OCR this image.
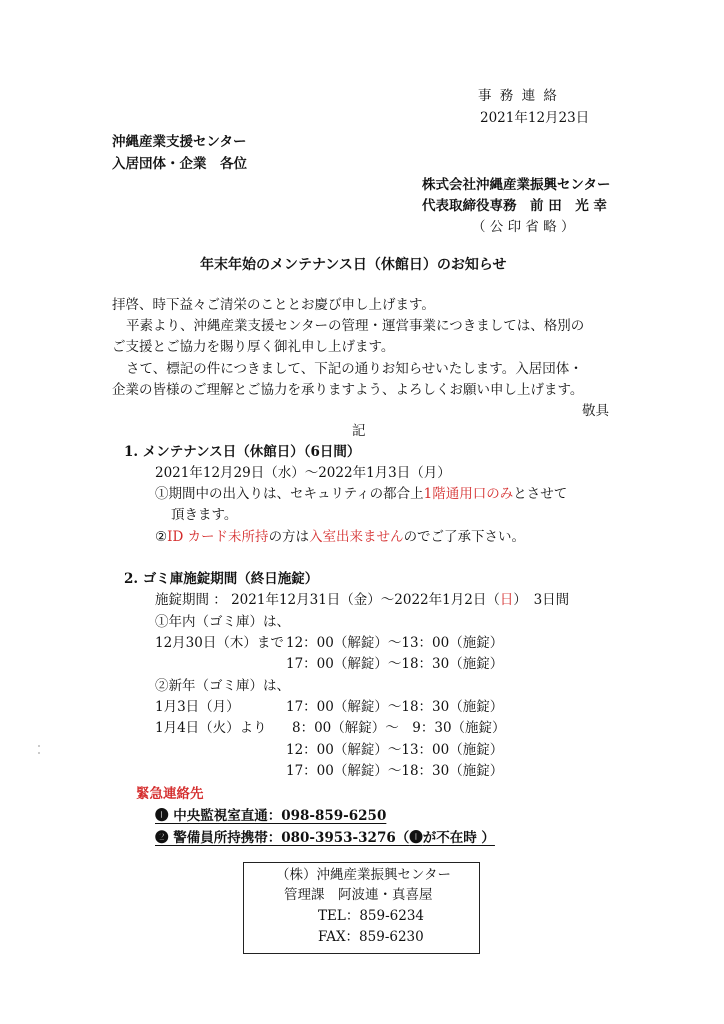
事 務 連 絡
2021年12月23日
沖縄産業支援センター
入居団体・企業　各位
株式会社沖縄産業振興センター
代表取締役専務　前 田　光 幸
（ 公 印 省 略 ）
年末年始のメンテナンス日（休館日）のお知らせ
拝啓、時下益々ご清栄のこととお慶び申し上げます。
平素より、沖縄産業支援センターの管理・運営事業につきましては、格別の
ご支援とご協力を賜り厚く御礼申し上げます。
さて、標記の件につきまして、下記の通りお知らせいたします。入居団体・
企業の皆様のご理解とご協力を承りますよう、よろしくお願い申し上げます。
敬具
記
1. メンテナンス日（休館日）（6日間）
2021年12月29日（水）～2022年1月3日（月）
①期間中の出入りは、セキュリティの都合上1階通用口のみとさせて
頂きます。
②ID カード未所持の方は入室出来ませんのでご了承下さい。
2. ゴミ庫施錠期間（終日施錠）
施錠期間 ： 2021年12月31日（金）～2022年1月2日（日）　3日間
①年内（ゴミ庫）は、
12月30日（木）まで 12：00（解錠）～13：00（施錠）
17：00（解錠）～18：30（施錠）
②新年（ゴミ庫）は、
1月3日（月）	17：00（解錠）～18：30（施錠）
1月4日（火）より 8：00（解錠）～　9：30（施錠）
12：00（解錠）～13：00（施錠）
17：00（解錠）～18：30（施錠）
緊急連絡先
❶ 中央監視室直通：098-859-6250
❷ 警備員所持携帯：080-3953-3276（❶が不在時 ）
（株）沖縄産業振興センター
管理課　阿波連・真喜屋
TEL：859-6234
FAX：859-6230
